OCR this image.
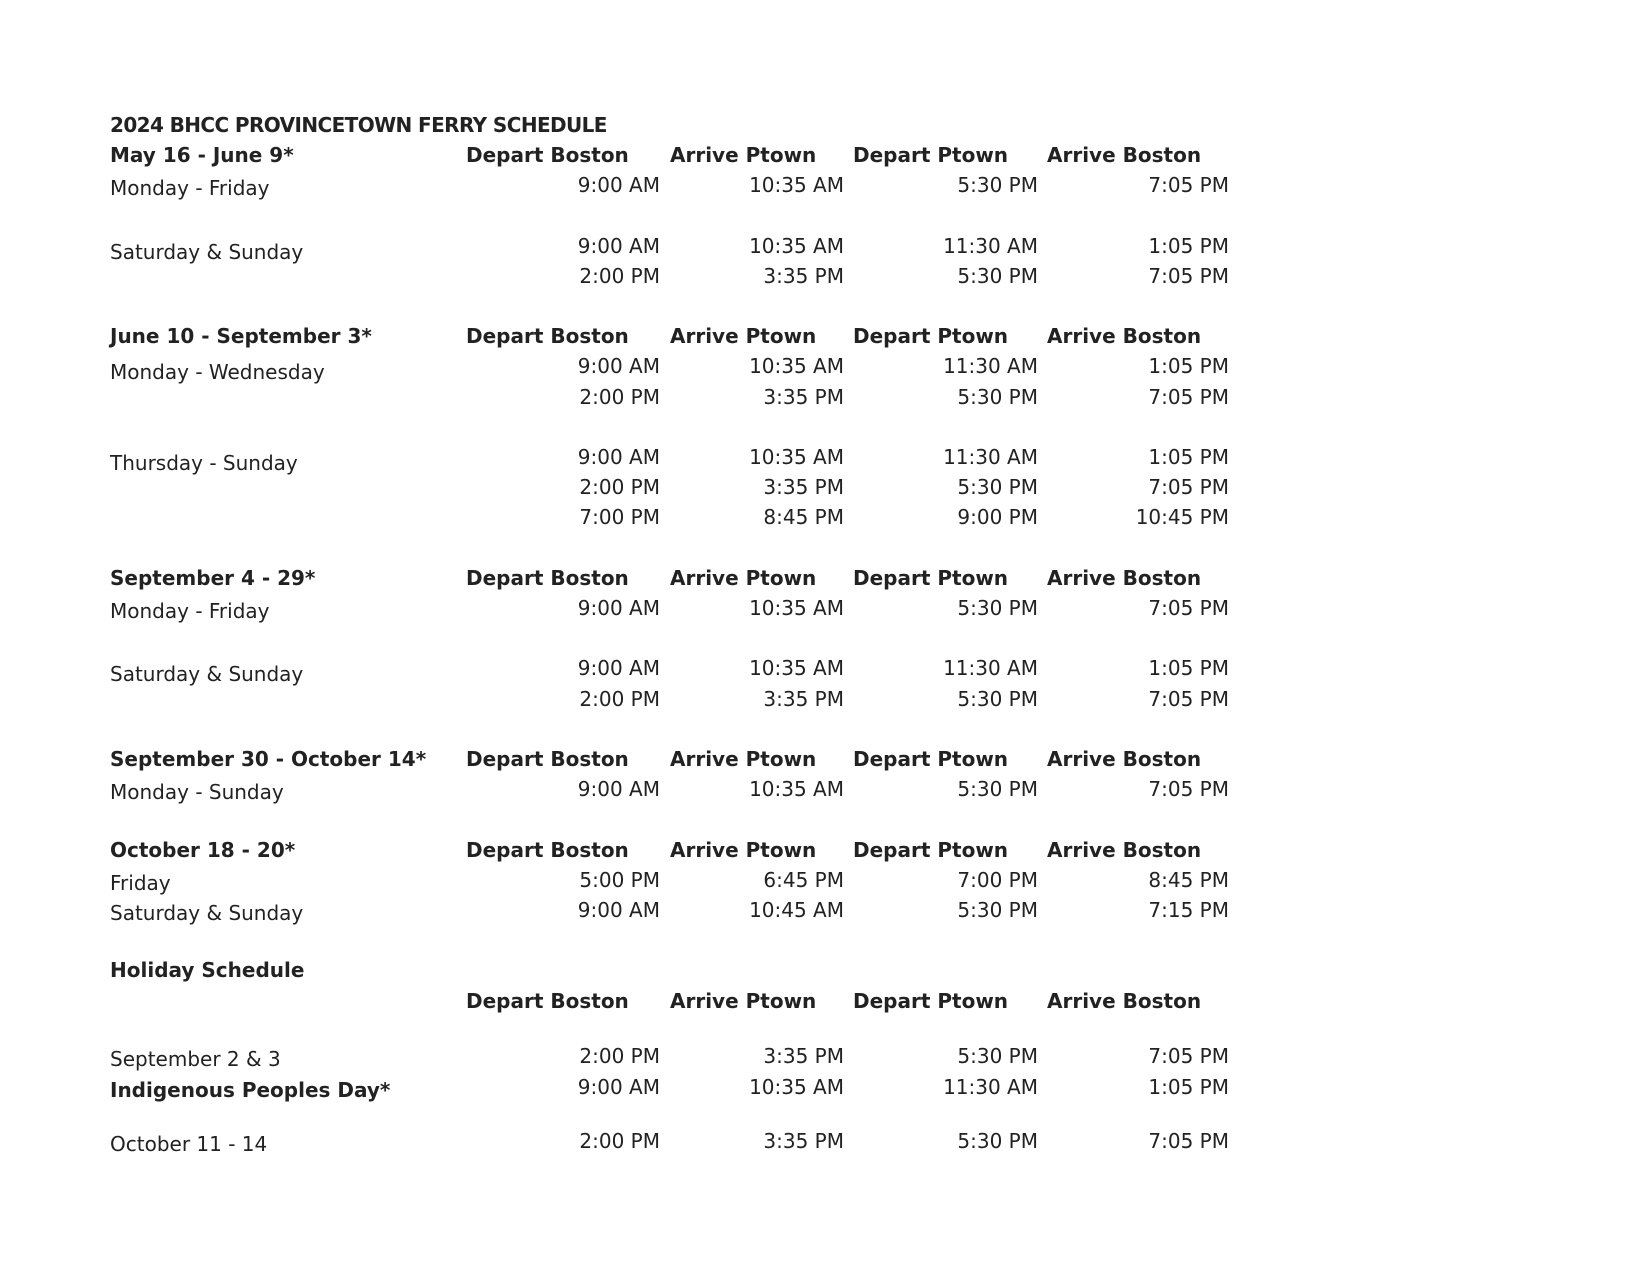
2024 BHCC PROVINCETOWN FERRY SCHEDULE
May 16 - June 9*	Depart Boston Arrive Ptown Depart Ptown Arrive Boston
Monday - Friday	9:00 AM	10:35 AM	5:30 PM	7:05 PM
Saturday & Sunday	9:00 AM	10:35 AM	11:30 AM	1:05 PM
2:00 PM	3:35 PM	5:30 PM	7:05 PM
June 10 - September 3*	Depart Boston Arrive Ptown Depart Ptown Arrive Boston
Monday - Wednesday	9:00 AM	10:35 AM	11:30 AM	1:05 PM
2:00 PM	3:35 PM	5:30 PM	7:05 PM
Thursday - Sunday	9:00 AM	10:35 AM	11:30 AM	1:05 PM
2:00 PM	3:35 PM	5:30 PM	7:05 PM
7:00 PM	8:45 PM	9:00 PM	10:45 PM
September 4 - 29*	Depart Boston Arrive Ptown Depart Ptown Arrive Boston
Monday - Friday	9:00 AM	10:35 AM	5:30 PM	7:05 PM
Saturday & Sunday	9:00 AM	10:35 AM	11:30 AM	1:05 PM
2:00 PM	3:35 PM	5:30 PM	7:05 PM
September 30 - October 14* Depart Boston Arrive Ptown Depart Ptown Arrive Boston
Monday - Sunday	9:00 AM	10:35 AM	5:30 PM	7:05 PM
October 18 - 20*	Depart Boston Arrive Ptown Depart Ptown Arrive Boston
Friday	5:00 PM	6:45 PM	7:00 PM	8:45 PM
Saturday & Sunday	9:00 AM	10:45 AM	5:30 PM	7:15 PM
Holiday Schedule
Depart Boston Arrive Ptown Depart Ptown Arrive Boston
September 2 & 3	2:00 PM	3:35 PM	5:30 PM	7:05 PM
Indigenous Peoples Day*	9:00 AM	10:35 AM	11:30 AM	1:05 PM
October 11 - 14	2:00 PM	3:35 PM	5:30 PM	7:05 PM
